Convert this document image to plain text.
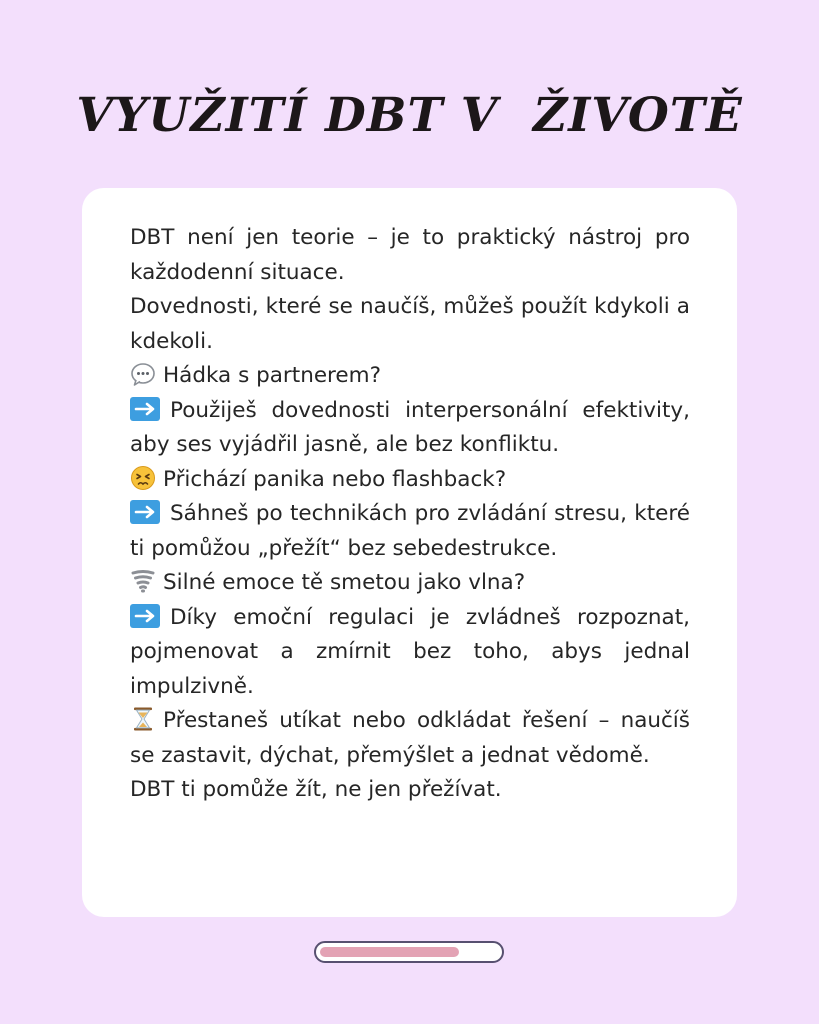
VYUŽITÍ DBT V  ŽIVOTĚ

DBT není jen teorie – je to praktický nástroj pro každodenní situace.

Dovednosti, které se naučíš, můžeš použít kdykoli a kdekoli.

Hádka s partnerem?

Použiješ dovednosti interpersonální efektivity, aby ses vyjádřil jasně, ale bez konfliktu.

Přichází panika nebo flashback?

Sáhneš po technikách pro zvládání stresu, které ti pomůžou „přežít“ bez sebedestrukce.

Silné emoce tě smetou jako vlna?

Díky emoční regulaci je zvládneš rozpoznat, pojmenovat a zmírnit bez toho, abys jednal impulzivně.

Přestaneš utíkat nebo odkládat řešení – naučíš se zastavit, dýchat, přemýšlet a jednat vědomě.

DBT ti pomůže žít, ne jen přežívat.
